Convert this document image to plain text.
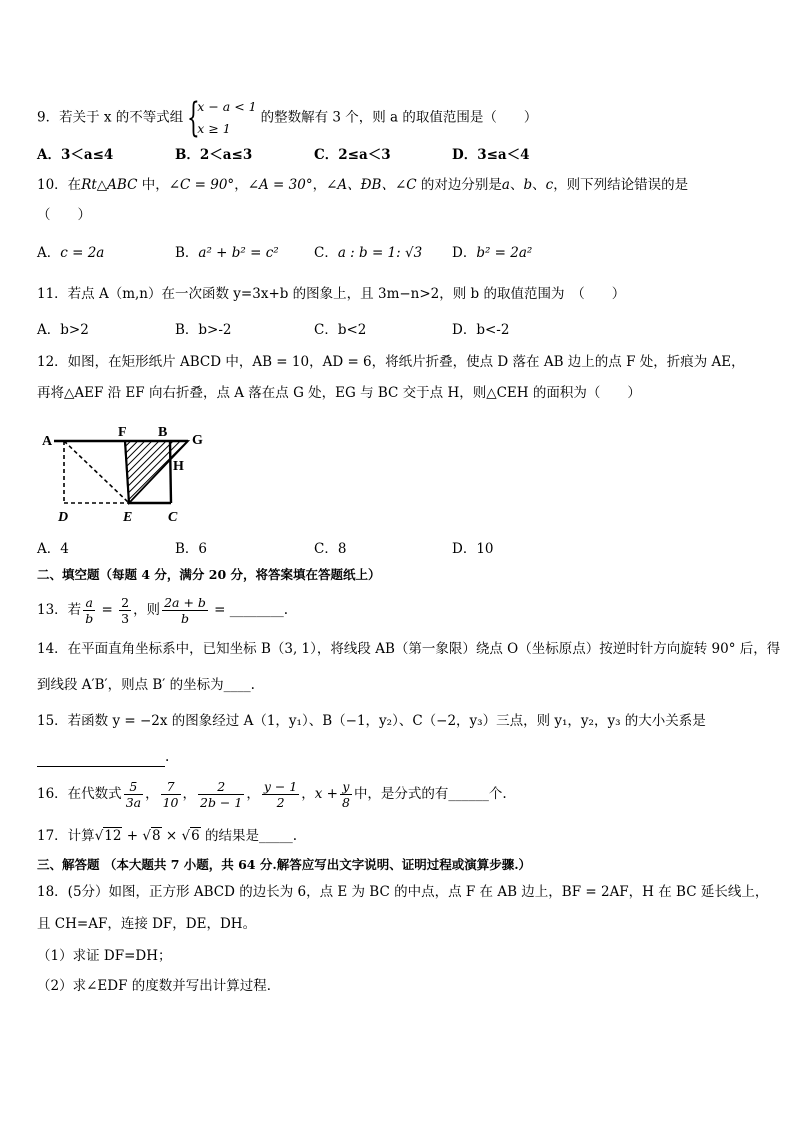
9．若关于 x 的不等式组 {
x − a < 1
x ≥ 1
的整数解有 3 个，则 a 的取值范围是（　　）
A．3＜a≤4	B．2＜a≤3	C．2≤a＜3	D．3≤a＜4
10．在Rt△ABC 中，∠C = 90°，∠A = 30°，∠A、ÐB、∠C 的对边分别是a、b、c，则下列结论错误的是
（　　）
A．c = 2a	B．a² + b² = c²	C．a : b = 1: √3 D．b² = 2a²
11．若点 A（m,n）在一次函数 y=3x+b 的图象上，且 3m−n>2，则 b 的取值范围为　（　　）
A．b>2	B．b>-2	C．b<2	D．b<-2
12．如图，在矩形纸片 ABCD 中，AB = 10，AD = 6，将纸片折叠，使点 D 落在 AB 边上的点 F 处，折痕为 AE，
再将△AEF 沿 EF 向右折叠，点 A 落在点 G 处，EG 与 BC 交于点 H，则△CEH 的面积为（　　）
A
F B
G
H
D	E	C
A．4	B．6	C．8	D．10
二、填空题（每题 4 分，满分 20 分，将答案填在答题纸上）
13．若 $\frac{a}{b} = \frac{2}{3}$ ，则 $\frac{2a + b}{b}$ = ________.
14．在平面直角坐标系中，已知坐标 B（3, 1），将线段 AB（第一象限）绕点 O（坐标原点）按逆时针方向旋转 90° 后，得
到线段 A′B′，则点 B′ 的坐标为____.
15．若函数 y = −2x 的图象经过 A（1，y₁）、B（−1，y₂）、C（−2，y₃）三点，则 y₁，y₂，y₃ 的大小关系是
.
16．在代数式 $\frac{5}{3a}$ ， $\frac{7}{10}$ ， $\frac{2}{2b - 1}$ ， $\frac{y - 1}{2}$ ，$x + \frac{y}{8}$ 中，是分式的有______个.
17．计算√12 + √8 × √6 的结果是_____.
三、解答题 （本大题共 7 小题，共 64 分.解答应写出文字说明、证明过程或演算步骤.）
18．(5分）如图，正方形 ABCD 的边长为 6，点 E 为 BC 的中点，点 F 在 AB 边上，BF = 2AF，H 在 BC 延长线上，
且 CH=AF，连接 DF，DE，DH。
（1）求证 DF=DH；
（2）求∠EDF 的度数并写出计算过程．
